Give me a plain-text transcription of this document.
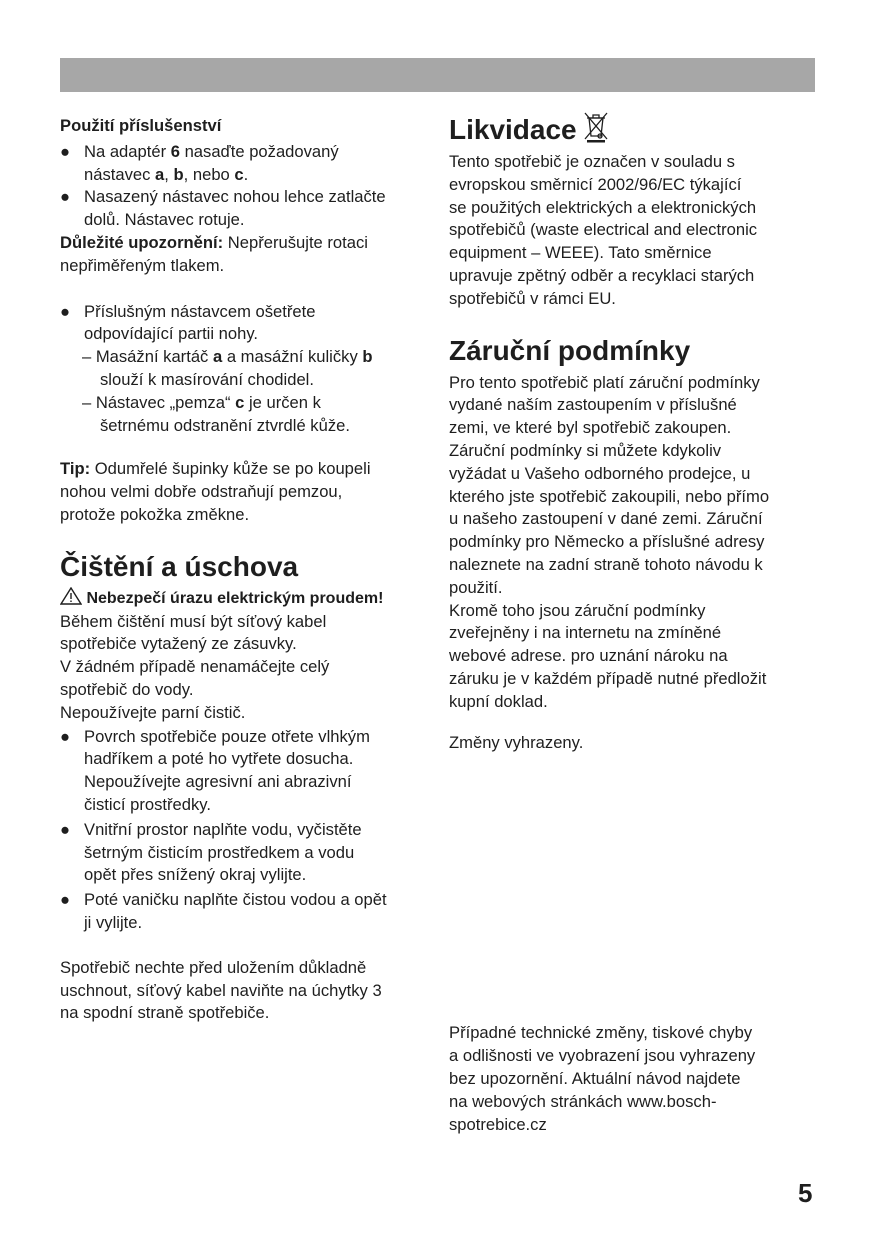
Použití příslušenství
● Na adaptér 6 nasaďte požadovaný
nástavec a, b, nebo c.
● Nasazený nástavec nohou lehce zatlačte
dolů. Nástavec rotuje.
Důležité upozornění: Nepřerušujte rotaci
nepřiměřeným tlakem.
● Příslušným nástavcem ošetřete
odpovídající partii nohy.
– Masážní kartáč a a masážní kuličky b
slouží k masírování chodidel.
– Nástavec „pemza“ c je určen k
šetrnému odstranění ztvrdlé kůže.
Tip: Odumřelé šupinky kůže se po koupeli
nohou velmi dobře odstraňují pemzou,
protože pokožka změkne.
Čištění a úschova
Nebezpečí úrazu elektrickým proudem!
Během čištění musí být síťový kabel
spotřebiče vytažený ze zásuvky.
V žádném případě nenamáčejte celý
spotřebič do vody.
Nepoužívejte parní čistič.
● Povrch spotřebiče pouze otřete vlhkým
hadříkem a poté ho vytřete dosucha.
Nepoužívejte agresivní ani abrazivní
čisticí prostředky.
● Vnitřní prostor naplňte vodu, vyčistěte
šetrným čisticím prostředkem a vodu
opět přes snížený okraj vylijte.
● Poté vaničku naplňte čistou vodou a opět
ji vylijte.
Spotřebič nechte před uložením důkladně
uschnout, síťový kabel naviňte na úchytky 3
na spodní straně spotřebiče.
Likvidace
Tento spotřebič je označen v souladu s
evropskou směrnicí 2002/96/EC týkající
se použitých elektrických a elektronických
spotřebičů (waste electrical and electronic
equipment – WEEE). Tato směrnice
upravuje zpětný odběr a recyklaci starých
spotřebičů v rámci EU.
Záruční podmínky
Pro tento spotřebič platí záruční podmínky
vydané naším zastoupením v příslušné
zemi, ve které byl spotřebič zakoupen.
Záruční podmínky si můžete kdykoliv
vyžádat u Vašeho odborného prodejce, u
kterého jste spotřebič zakoupili, nebo přímo
u našeho zastoupení v dané zemi. Záruční
podmínky pro Německo a příslušné adresy
naleznete na zadní straně tohoto návodu k
použití.
Kromě toho jsou záruční podmínky
zveřejněny i na internetu na zmíněné
webové adrese. pro uznání nároku na
záruku je v každém případě nutné předložit
kupní doklad.
Změny vyhrazeny.
Případné technické změny, tiskové chyby
a odlišnosti ve vyobrazení jsou vyhrazeny
bez upozornění. Aktuální návod najdete
na webových stránkách www.bosch-
spotrebice.cz
5
